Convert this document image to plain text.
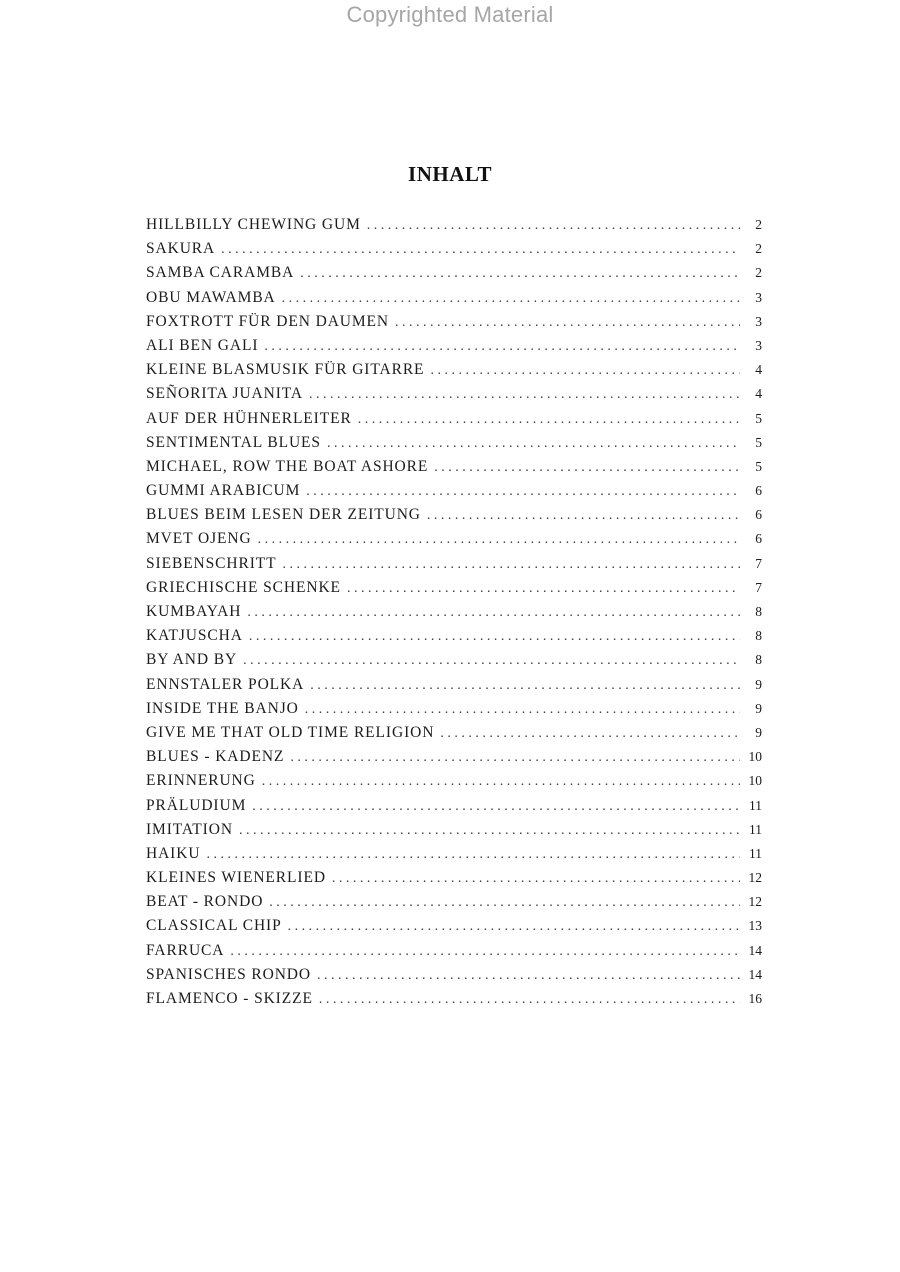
Copyrighted Material
INHALT
HILLBILLY CHEWING GUM . . .	2
SAKURA . . .	2
SAMBA CARAMBA . . .	2
OBU MAWAMBA . . .	3
FOXTROTT FÜR DEN DAUMEN . . .	3
ALI BEN GALI . . .	3
KLEINE BLASMUSIK FÜR GITARRE . . .	4
SEÑORITA JUANITA . . .	4
AUF DER HÜHNERLEITER . . .	5
SENTIMENTAL BLUES . . .	5
MICHAEL, ROW THE BOAT ASHORE . . .	5
GUMMI ARABICUM . . .	6
BLUES BEIM LESEN DER ZEITUNG . . .	6
MVET OJENG . . .	6
SIEBENSCHRITT . . .	7
GRIECHISCHE SCHENKE . . .	7
KUMBAYAH . . .	8
KATJUSCHA . . .	8
BY AND BY . . .	8
ENNSTALER POLKA . . .	9
INSIDE THE BANJO . . .	9
GIVE ME THAT OLD TIME RELIGION . . .	9
BLUES - KADENZ . . .	10
ERINNERUNG . . .	10
PRÄLUDIUM . . .	11
IMITATION . . .	11
HAIKU . . .	11
KLEINES WIENERLIED . . .	12
BEAT - RONDO . . .	12
CLASSICAL CHIP . . .	13
FARRUCA . . .	14
SPANISCHES RONDO . . .	14
FLAMENCO - SKIZZE . . .	16
